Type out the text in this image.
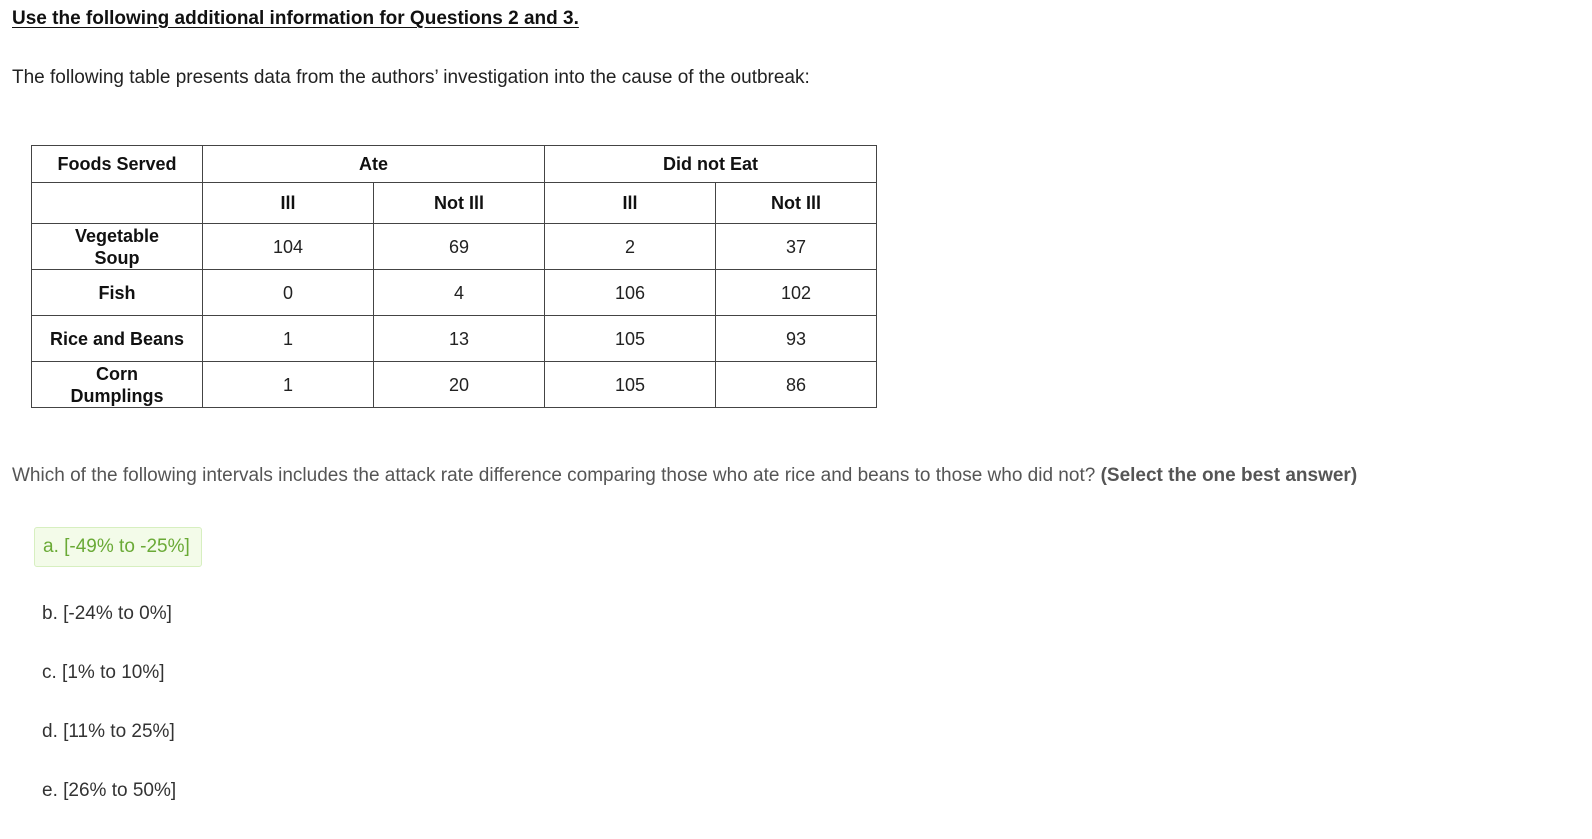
Use the following additional information for Questions 2 and 3.
The following table presents data from the authors’ investigation into the cause of the outbreak:
Foods Served	Ate		Did not Eat	
	Ill	Not Ill	Ill	Not Ill
Vegetable
Soup	104	69	2	37
Fish	0	4	106	102
Rice and Beans	1	13	105	93
Corn
Dumplings	1	20	105	86
Which of the following intervals includes the attack rate difference comparing those who ate rice and beans to those who did not? (Select the one best answer)
a. [-49% to -25%]
b. [-24% to 0%]
c. [1% to 10%]
d. [11% to 25%]
e. [26% to 50%]
